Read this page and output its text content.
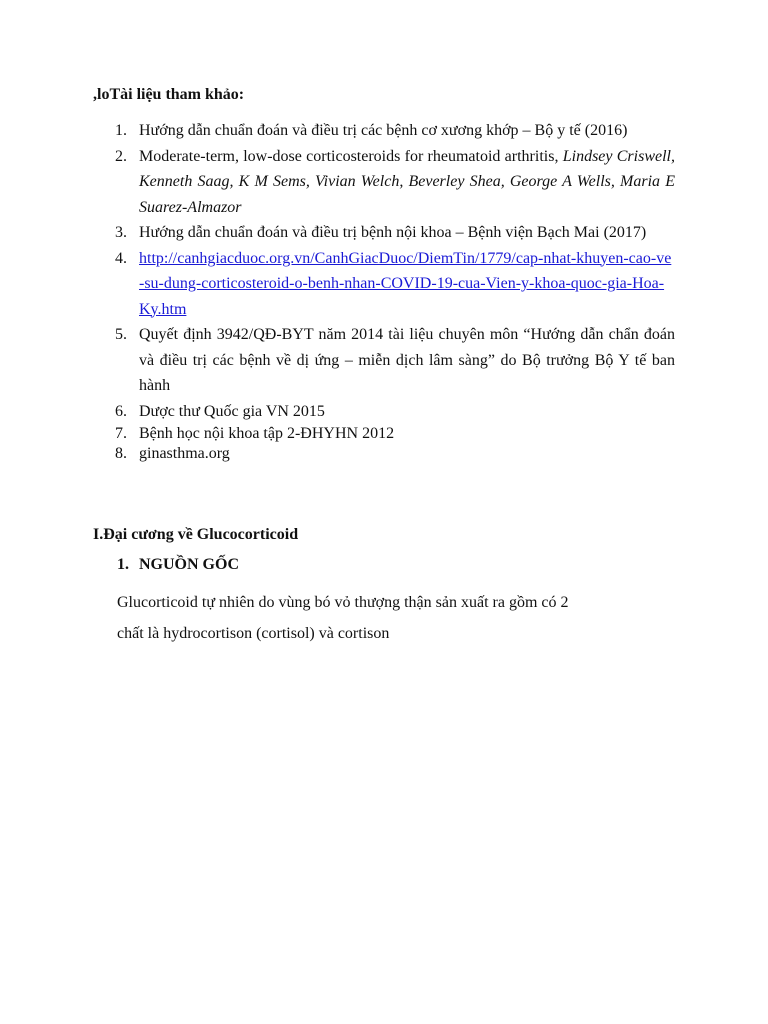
,loTài liệu tham khảo:

1. Hướng dẫn chuẩn đoán và điều trị các bệnh cơ xương khớp – Bộ y tế (2016)
2. Moderate-term, low-dose corticosteroids for rheumatoid arthritis, Lindsey Criswell, Kenneth Saag, K M Sems, Vivian Welch, Beverley Shea, George A Wells, Maria E Suarez-Almazor
3. Hướng dẫn chuẩn đoán và điều trị bệnh nội khoa – Bệnh viện Bạch Mai (2017)
4. http://canhgiacduoc.org.vn/CanhGiacDuoc/DiemTin/1779/cap-nhat-khuyen-cao-ve-su-dung-corticosteroid-o-benh-nhan-COVID-19-cua-Vien-y-khoa-quoc-gia-Hoa-Ky.htm
5. Quyết định 3942/QĐ-BYT năm 2014 tài liệu chuyên môn “Hướng dẫn chẩn đoán và điều trị các bệnh về dị ứng – miễn dịch lâm sàng” do Bộ trưởng Bộ Y tế ban hành
6. Dược thư Quốc gia VN 2015
7. Bệnh học nội khoa tập 2-ĐHYHN 2012
8. ginasthma.org

I.Đại cương về Glucocorticoid

1. NGUỒN GỐC

Glucorticoid tự nhiên do vùng bó vỏ thượng thận sản xuất ra gồm có 2
chất là hydrocortison (cortisol) và cortison
